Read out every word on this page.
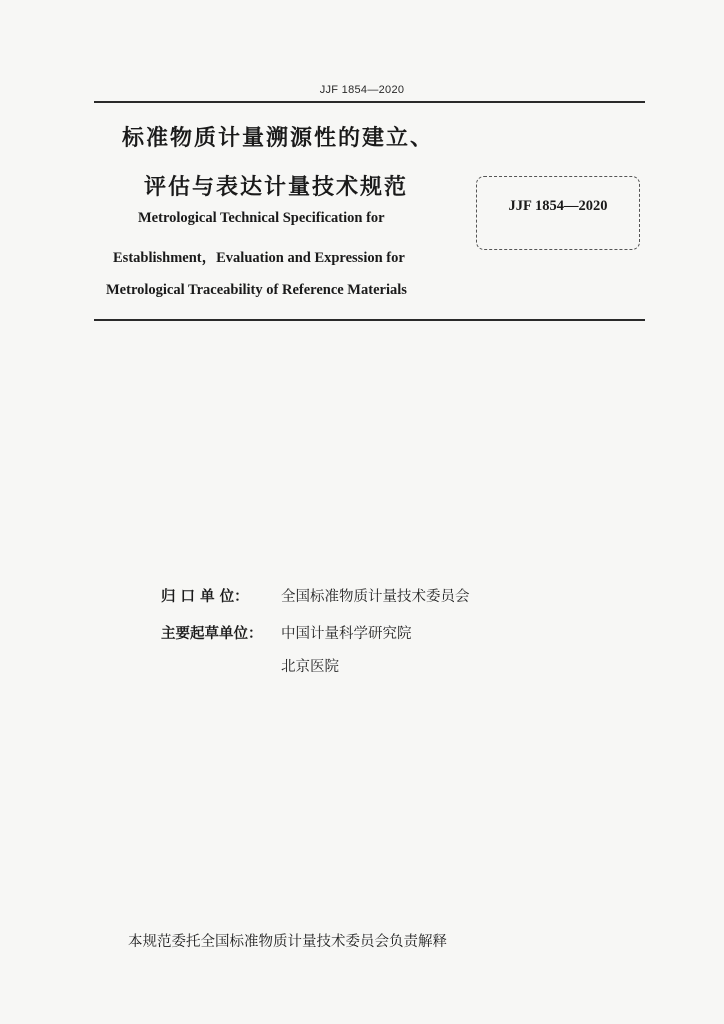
JJF 1854—2020
标准物质计量溯源性的建立、
评估与表达计量技术规范
Metrological Technical Specification for
Establishment，Evaluation and Expression for
Metrological Traceability of Reference Materials
JJF 1854—2020
归 口 单 位：	全国标准物质计量技术委员会
主要起草单位：	中国计量科学研究院
北京医院
本规范委托全国标准物质计量技术委员会负责解释
